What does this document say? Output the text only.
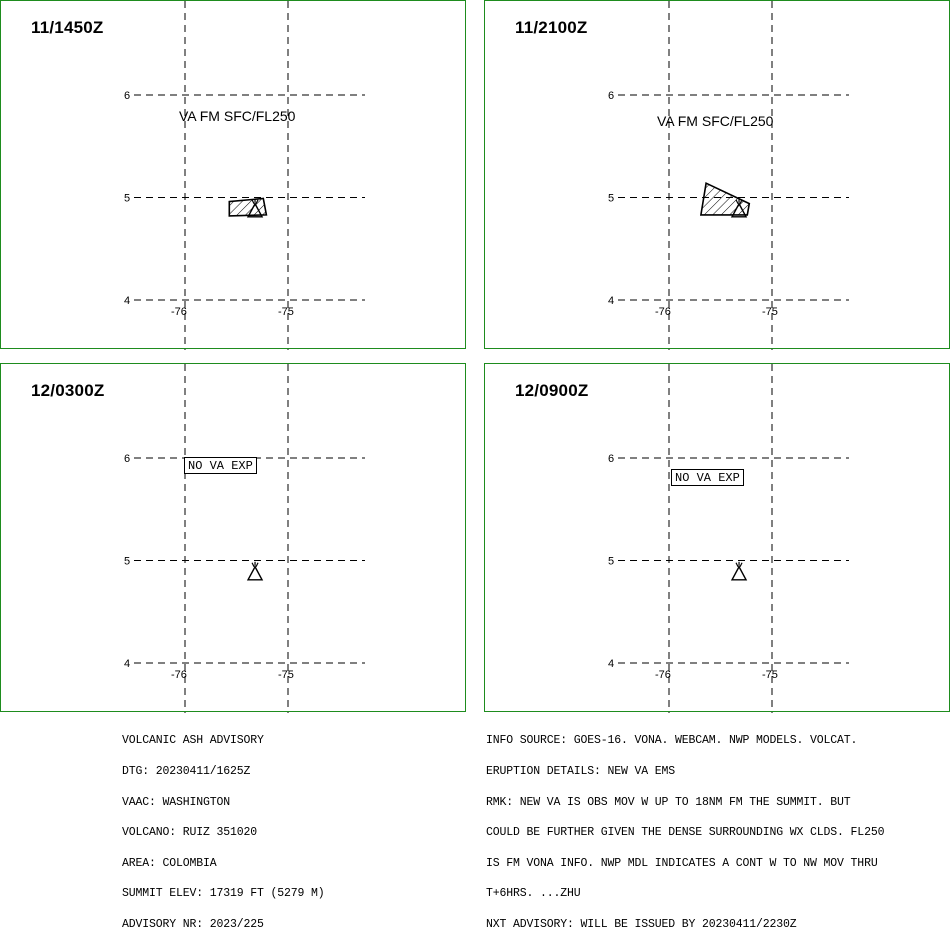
11/1450Z
-76	-75
6
5
4
VA FM SFC/FL250
11/2100Z
-76	-75
6
5
4
VA FM SFC/FL250
12/0300Z
-76	-75
6
5
4
NO VA EXP
12/0900Z
-76	-75
6
5
4
NO VA EXP

VOLCANIC ASH ADVISORY

DTG: 20230411/1625Z

VAAC: WASHINGTON

VOLCANO: RUIZ 351020

AREA: COLOMBIA

SUMMIT ELEV: 17319 FT (5279 M)

ADVISORY NR: 2023/225

INFO SOURCE: GOES-16. VONA. WEBCAM. NWP MODELS. VOLCAT.

ERUPTION DETAILS: NEW VA EMS

RMK: NEW VA IS OBS MOV W UP TO 18NM FM THE SUMMIT. BUT

COULD BE FURTHER GIVEN THE DENSE SURROUNDING WX CLDS. FL250

IS FM VONA INFO. NWP MDL INDICATES A CONT W TO NW MOV THRU

T+6HRS. ...ZHU

NXT ADVISORY: WILL BE ISSUED BY 20230411/2230Z
